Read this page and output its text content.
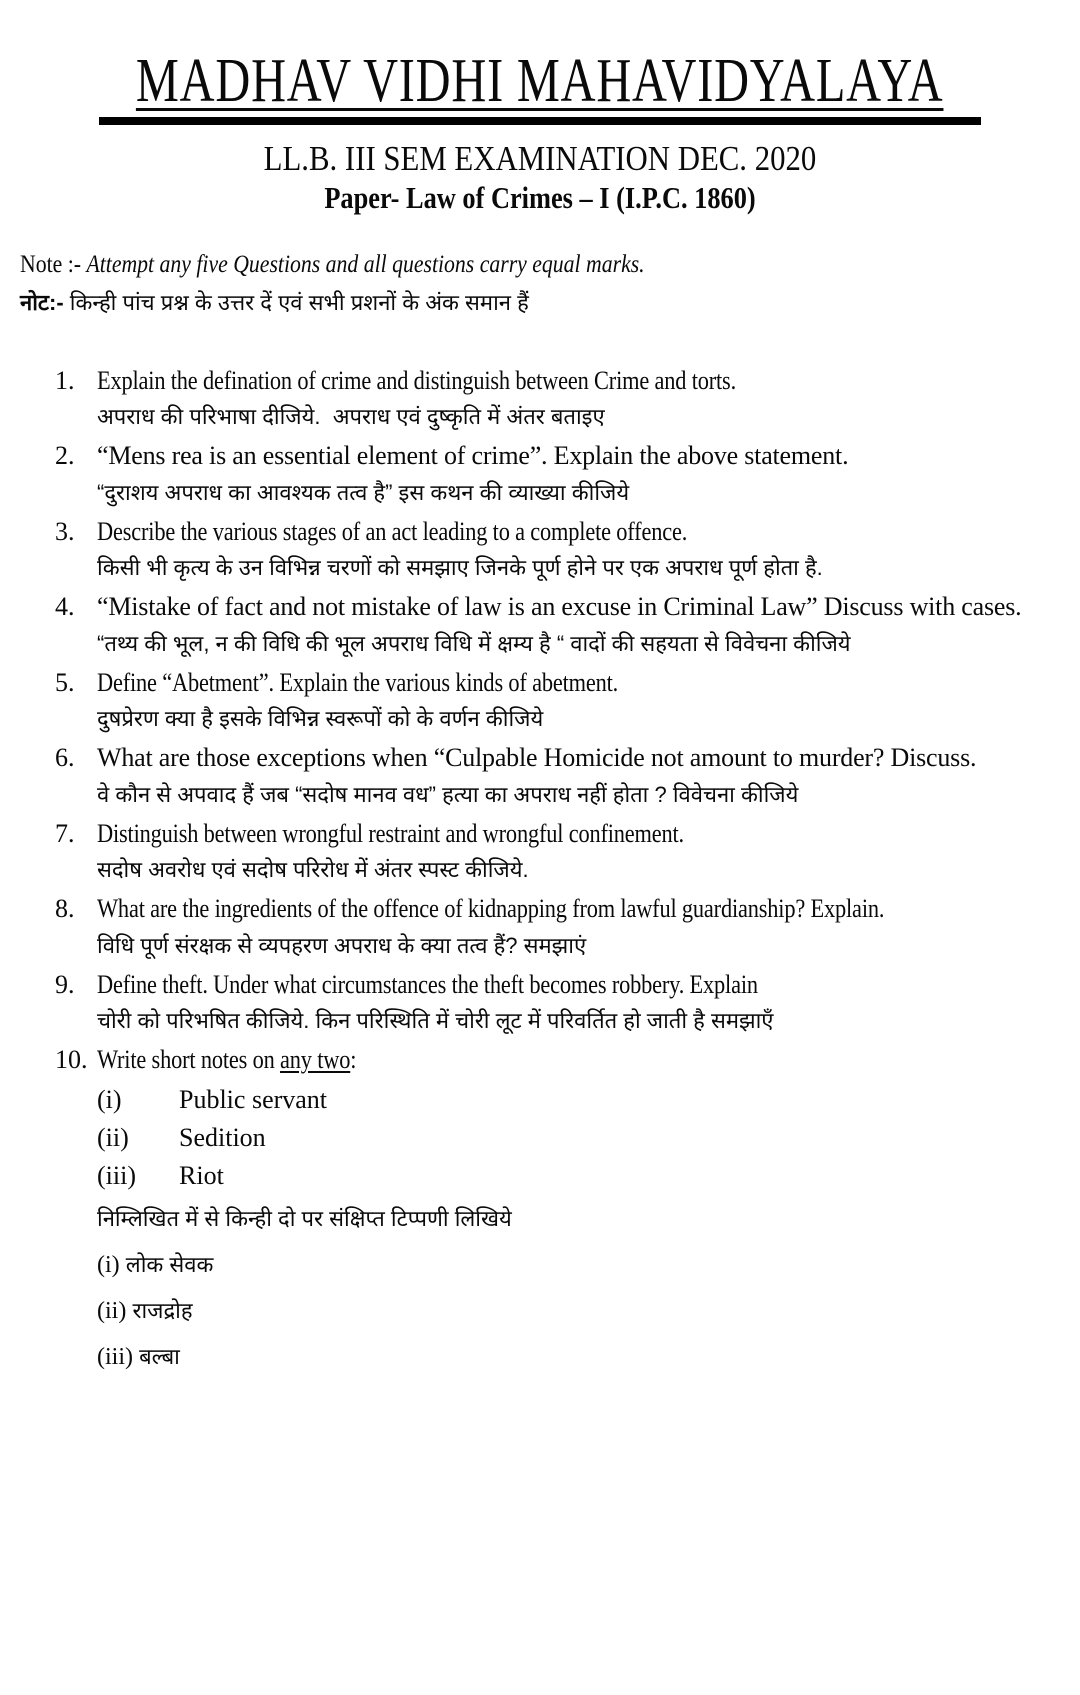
MADHAV VIDHI MAHAVIDYALAYA
LL.B. III SEM EXAMINATION DEC. 2020
Paper- Law of Crimes – I (I.P.C. 1860)

Note :- Attempt any five Questions and all questions carry equal marks.

नोट:- किन्ही पांच प्रश्न के उत्तर दें एवं सभी प्रशनों के अंक समान हैं

1. Explain the defination of crime and distinguish between Crime and torts.
अपराध की परिभाषा दीजिये.  अपराध एवं दुष्कृति में अंतर बताइए
2. “Mens rea is an essential element of crime”. Explain the above statement.
“दुराशय अपराध का आवश्यक तत्व है” इस कथन की व्याख्या कीजिये
3. Describe the various stages of an act leading to a complete offence.
किसी भी कृत्य के उन विभिन्न चरणों को समझाए जिनके पूर्ण होने पर एक अपराध पूर्ण होता है.
4. “Mistake of fact and not mistake of law is an excuse in Criminal Law” Discuss with cases.
“तथ्य की भूल, न की विधि की भूल अपराध विधि में क्षम्य है “ वादों की सहयता से विवेचना कीजिये
5. Define “Abetment”. Explain the various kinds of abetment.
दुषप्रेरण क्या है इसके विभिन्न स्वरूपों को के वर्णन कीजिये
6. What are those exceptions when “Culpable Homicide not amount to murder? Discuss.
वे कौन से अपवाद हैं जब “सदोष मानव वध” हत्या का अपराध नहीं होता ? विवेचना कीजिये
7. Distinguish between wrongful restraint and wrongful confinement.
सदोष अवरोध एवं सदोष परिरोध में अंतर स्पस्ट कीजिये.
8. What are the ingredients of the offence of kidnapping from lawful guardianship? Explain.
विधि पूर्ण संरक्षक से व्यपहरण अपराध के क्या तत्व हैं? समझाएं
9. Define theft. Under what circumstances the theft becomes robbery. Explain
चोरी को परिभषित कीजिये. किन परिस्थिति में चोरी लूट में परिवर्तित हो जाती है समझाएँ
10. Write short notes on any two:
(i)	Public servant
(ii)	Sedition
(iii)	Riot
निम्लिखित में से किन्ही दो पर संक्षिप्त टिप्पणी लिखिये
(i) लोक सेवक
(ii) राजद्रोह
(iii) बल्बा
